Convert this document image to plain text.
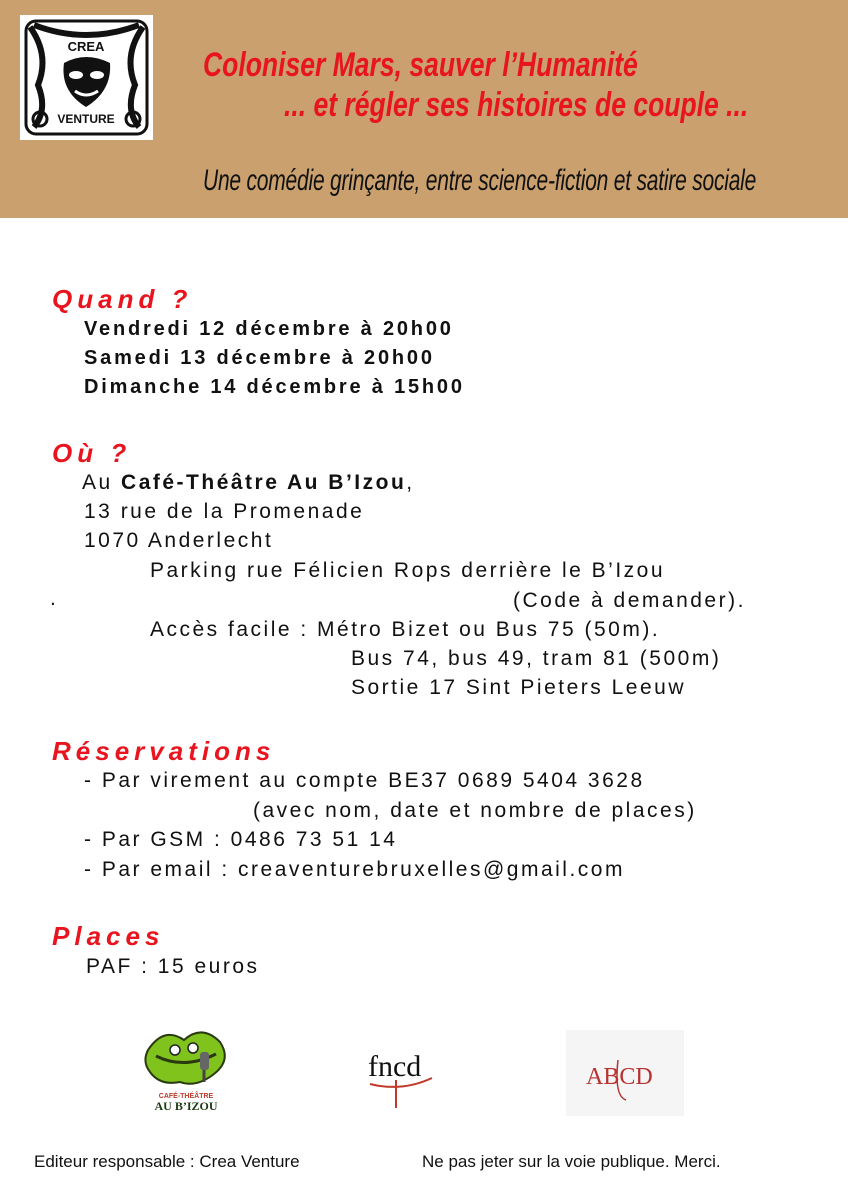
CREA
VENTURE
Coloniser Mars, sauver l’Humanité
... et régler ses histoires de couple ...
Une comédie grinçante, entre science-fiction et satire sociale
Quand ?
Vendredi 12 décembre à 20h00
Samedi 13 décembre à 20h00
Dimanche 14 décembre à 15h00
Où ?
Au Café-Théâtre Au B’Izou,
13 rue de la Promenade
1070 Anderlecht
Parking rue Félicien Rops derrière le B’Izou
.	(Code à demander).
Accès facile : Métro Bizet ou Bus 75 (50m).
Bus 74, bus 49, tram 81 (500m)
Sortie 17 Sint Pieters Leeuw
Réservations
- Par virement au compte BE37 0689 5404 3628
(avec nom, date et nombre de places)
- Par GSM : 0486 73 51 14
- Par email : creaventurebruxelles@gmail.com
Places
PAF : 15 euros
CAFÉ-THÉÂTRE
AU B’IZOU
fncd	ABCD
Editeur responsable : Crea Venture	Ne pas jeter sur la voie publique. Merci.
